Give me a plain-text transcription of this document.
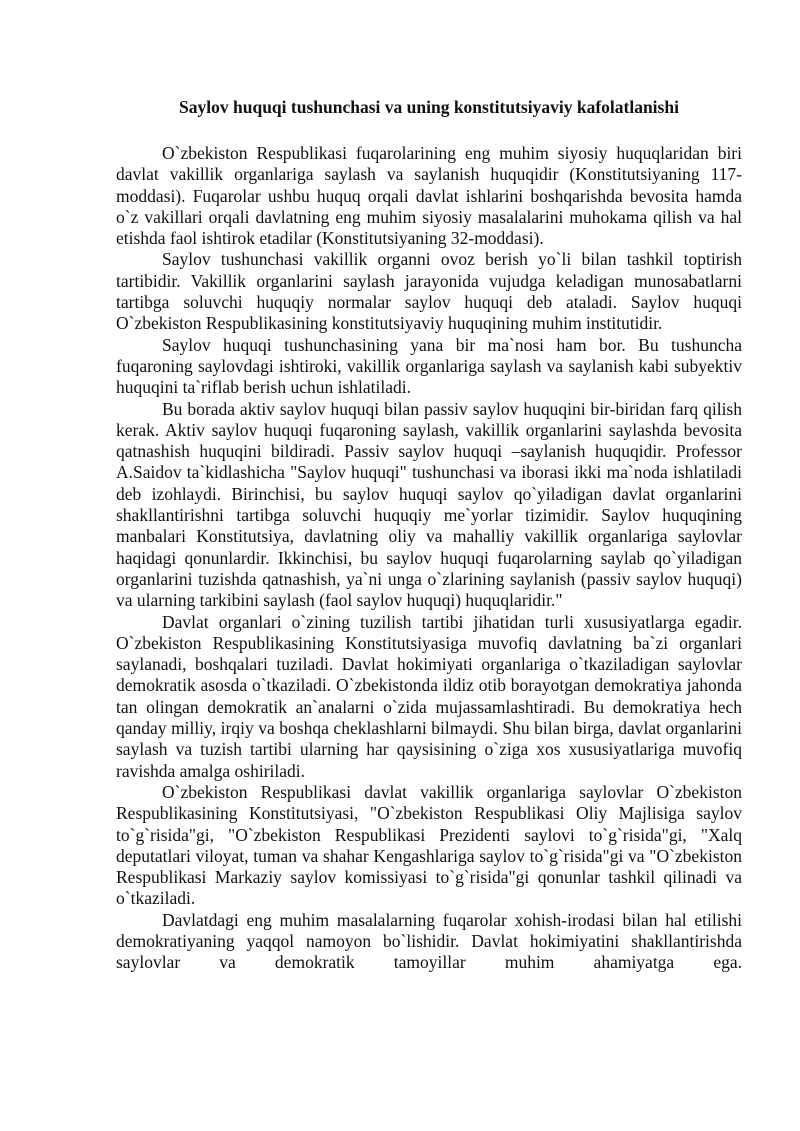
Saylov huquqi tushunchasi va uning konstitutsiyaviy kafolatlanishi

O`zbekiston Respublikasi fuqarolarining eng muhim siyosiy huquqlaridan biri davlat vakillik organlariga saylash va saylanish huquqidir (Konstitutsiyaning 117-moddasi). Fuqarolar ushbu huquq orqali davlat ishlarini boshqarishda bevosita hamda o`z vakillari orqali davlatning eng muhim siyosiy masalalarini muhokama qilish va hal etishda faol ishtirok etadilar (Konstitutsiyaning 32-moddasi).

Saylov tushunchasi vakillik organni ovoz berish yo`li bilan tashkil toptirish tartibidir. Vakillik organlarini saylash jarayonida vujudga keladigan munosabatlarni tartibga soluvchi huquqiy normalar saylov huquqi deb ataladi. Saylov huquqi O`zbekiston Respublikasining konstitutsiyaviy huquqining muhim institutidir.

Saylov huquqi tushunchasining yana bir ma`nosi ham bor. Bu tushuncha fuqaroning saylovdagi ishtiroki, vakillik organlariga saylash va saylanish kabi subyektiv huquqini ta`riflab berish uchun ishlatiladi.

Bu borada aktiv saylov huquqi bilan passiv saylov huquqini bir-biridan farq qilish kerak. Aktiv saylov huquqi fuqaroning saylash, vakillik organlarini saylashda bevosita qatnashish huquqini bildiradi. Passiv saylov huquqi –saylanish huquqidir. Professor A.Saidov ta`kidlashicha "Saylov huquqi" tushunchasi va iborasi ikki ma`noda ishlatiladi deb izohlaydi. Birinchisi, bu saylov huquqi saylov qo`yiladigan davlat organlarini shakllantirishni tartibga soluvchi huquqiy me`yorlar tizimidir. Saylov huquqining manbalari Konstitutsiya, davlatning oliy va mahalliy vakillik organlariga saylovlar haqidagi qonunlardir. Ikkinchisi, bu saylov huquqi fuqarolarning saylab qo`yiladigan organlarini tuzishda qatnashish, ya`ni unga o`zlarining saylanish (passiv saylov huquqi) va ularning tarkibini saylash (faol saylov huquqi) huquqlaridir."

Davlat organlari o`zining tuzilish tartibi jihatidan turli xususiyatlarga egadir. O`zbekiston Respublikasining Konstitutsiyasiga muvofiq davlatning ba`zi organlari saylanadi, boshqalari tuziladi. Davlat hokimiyati organlariga o`tkaziladigan saylovlar demokratik asosda o`tkaziladi. O`zbekistonda ildiz otib borayotgan demokratiya jahonda tan olingan demokratik an`analarni o`zida mujassamlashtiradi. Bu demokratiya hech qanday milliy, irqiy va boshqa cheklashlarni bilmaydi. Shu bilan birga, davlat organlarini saylash va tuzish tartibi ularning har qaysisining o`ziga xos xususiyatlariga muvofiq ravishda amalga oshiriladi.

O`zbekiston Respublikasi davlat vakillik organlariga saylovlar O`zbekiston Respublikasining Konstitutsiyasi, "O`zbekiston Respublikasi Oliy Majlisiga saylov to`g`risida"gi, "O`zbekiston Respublikasi Prezidenti saylovi to`g`risida"gi, "Xalq deputatlari viloyat, tuman va shahar Kengashlariga saylov to`g`risida"gi va "O`zbekiston Respublikasi Markaziy saylov komissiyasi to`g`risida"gi qonunlar tashkil qilinadi va o`tkaziladi.

Davlatdagi eng muhim masalalarning fuqarolar xohish-irodasi bilan hal etilishi demokratiyaning yaqqol namoyon bo`lishidir. Davlat hokimiyatini shakllantirishda saylovlar va demokratik tamoyillar muhim ahamiyatga ega.
